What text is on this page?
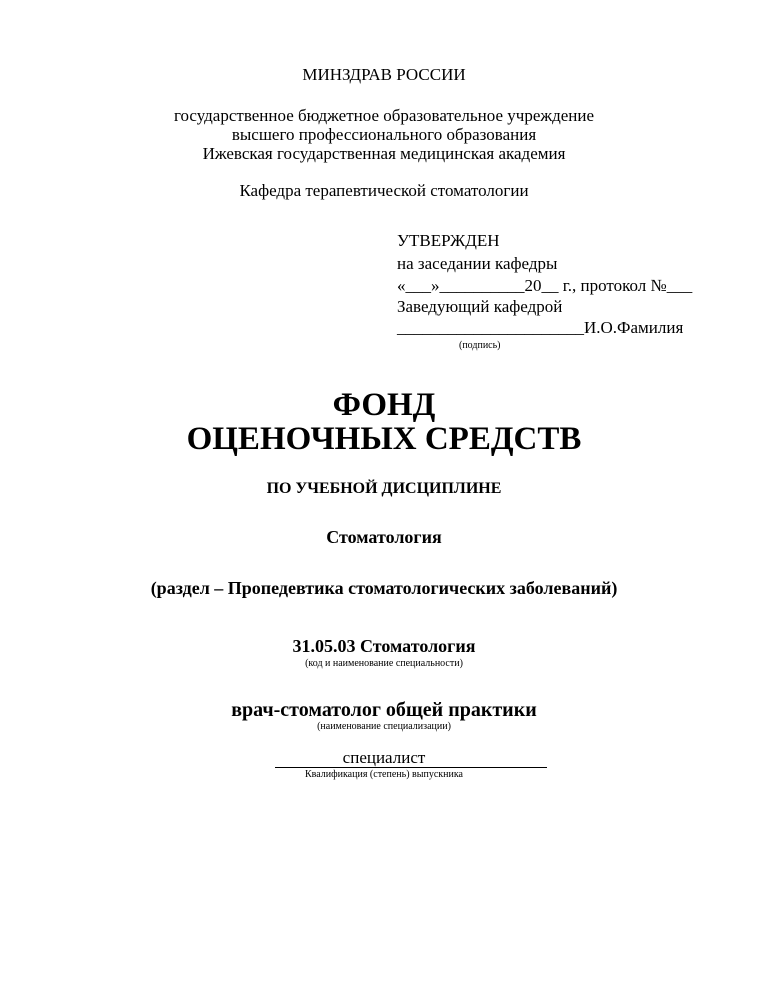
МИНЗДРАВ РОССИИ
государственное бюджетное образовательное учреждение
высшего профессионального образования
Ижевская государственная медицинская академия
Кафедра терапевтической стоматологии
УТВЕРЖДЕН
на заседании кафедры
«___»__________20__ г., протокол №___
Заведующий кафедрой
______________________И.О.Фамилия
(подпись)
ФОНД
ОЦЕНОЧНЫХ СРЕДСТВ
ПО УЧЕБНОЙ ДИСЦИПЛИНЕ
Стоматология
(раздел – Пропедевтика стоматологических заболеваний)
31.05.03 Стоматология
(код и наименование специальности)
врач-стоматолог общей практики
(наименование специализации)
специалист
Квалификация (степень) выпускника
